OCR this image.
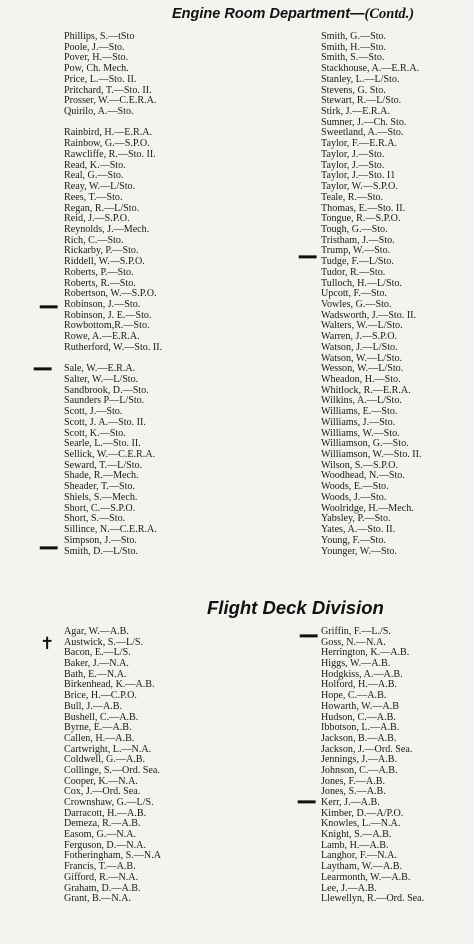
Engine Room Department—(Contd.)
Phillips, S.—tSto
Poole, J.—Sto.
Pover, H.—Sto.
Pow, Ch. Mech.
Price, L.—Sto. II.
Pritchard, T.—Sto. II.
Prosser, W.—C.E.R.A.
Quirilo, A.—Sto.
Rainbird, H.—E.R.A.
Rainbow, G.—S.P.O.
Rawcliffe, R.—Sto. II.
Read, K.—Sto.
Real, G.—Sto.
Reay, W.—L/Sto.
Rees, T.—Sto.
Regan, R.—L/Sto.
Reid, J.—S.P.O.
Reynolds, J.—Mech.
Rich, C.—Sto.
Rickarby, P.—Sto.
Riddell, W.—S.P.O.
Roberts, P.—Sto.
Roberts, R.—Sto.
Robertson, W.—S.P.O.
Robinson, J.—Sto.
Robinson, J. E.—Sto.
Rowbottom,R.—Sto.
Rowe, A.—E.R.A.
Rutherford, W.—Sto. II.
Sale, W.—E.R.A.
Salter, W.—L/Sto.
Sandbrook, D.—Sto.
Saunders P—L/Sto.
Scott, J.—Sto.
Scott, J. A.—Sto. II.
Scott, K.—Sto.
Searle, L.—Sto. II.
Sellick, W.—C.E.R.A.
Seward, T.—L/Sto.
Shade, R.—Mech.
Sheader, T.—Sto.
Shiels, S.—Mech.
Short, C.—S.P.O.
Short, S.—Sto.
Sillince, N.—C.E.R.A.
Simpson, J.—Sto.
Smith, D.—L/Sto.
Smith, G.—Sto.
Smith, H.—Sto.
Smith, S.—Sto.
Stackhouse, A.—E.R.A.
Stanley, L.—L/Sto.
Stevens, G. Sto.
Stewart, R.—L/Sto.
Stirk, J.—E.R.A.
Sumner, J.—Ch. Sto.
Sweetland, A.—Sto.
Taylor, F.—E.R.A.
Taylor, J.—Sto.
Taylor, J.—Sto.
Taylor, J.—Sto. I1
Taylor, W.—S.P.O.
Teale, R.—Sto.
Thomas, E.—Sto. II.
Tongue, R.—S.P.O.
Tough, G.—Sto.
Tristham, J.—Sto.
Trump, W.—Sto.
Tudge, F.—L/Sto.
Tudor, R.—Sto.
Tulloch, H.—L/Sto.
Upcott, F.—Sto.
Vowles, G.—Sto.
Wadsworth, J.—Sto. II.
Walters, W.—L/Sto.
Warren, J.—S.P.O.
Watson, J.—L/Sto.
Watson, W.—L/Sto.
Wesson, W.—L/Sto.
Wheadon, H.—Sto.
Whitlock, R.—E.R.A.
Wilkins, A.—L/Sto.
Williams, E.—Sto.
Williams, J.—Sto.
Williams, W.—Sto.
Williamson, G.—Sto.
Williamson, W.—Sto. II.
Wilson, S.—S.P.O.
Woodhead, N.—Sto.
Woods, E.—Sto.
Woods, J.—Sto.
Woolridge, H.—Mech.
Yabsley, P.—Sto.
Yates, A.—Sto. II.
Young, F.—Sto.
Younger, W.—Sto.
Flight Deck Division
Agar, W.—A.B.
Austwick, S.—L/S.
Bacon, E.—L/S.
Baker, J.—N.A.
Bath, E.—N.A.
Birkenhead, K.—A.B.
Brice, H.—C.P.O.
Bull, J.—A.B.
Bushell, C.—A.B.
Byrne, E.—A.B.
Callen, H.—A.B.
Cartwright, L.—N.A.
Coldwell, G.—A.B.
Collinge, S.—Ord. Sea.
Cooper, K.—N.A.
Cox, J.—Ord. Sea.
Crownshaw, G.—L/S.
Darracott, H.—A.B.
Demeza, R.—A.B.
Easom, G.—N.A.
Ferguson, D.—N.A.
Fotheringham, S.—N.A
Francis, T.—A.B.
Gifford, R.—N.A.
Graham, D.—A.B.
Grant, B.—N.A.
Griffin, F.—L./S.
Goss, N.—N.A.
Herrington, K.—A.B.
Higgs, W.—A.B.
Hodgkiss, A.—A.B.
Holford, H.—A.B.
Hope, C.—A.B.
Howarth, W.—A.B
Hudson, C.—A.B.
Ibbotson, L.—A.B.
Jackson, B.—A.B.
Jackson, J.—Ord. Sea.
Jennings, J.—A.B.
Johnson, C.—A.B.
Jones, F.—A.B.
Jones, S.—A.B.
Kerr, J.—A.B.
Kimber, D.—A/P.O.
Knowles, L.—N.A.
Knight, S.—A.B.
Lamb, H.—A.B.
Langhor, F.—N.A.
Laytham, W.—A.B.
Learmonth, W.—A.B.
Lee, J.—A.B.
Llewellyn, R.—Ord. Sea.
━
━
━
━
━
━
✝
